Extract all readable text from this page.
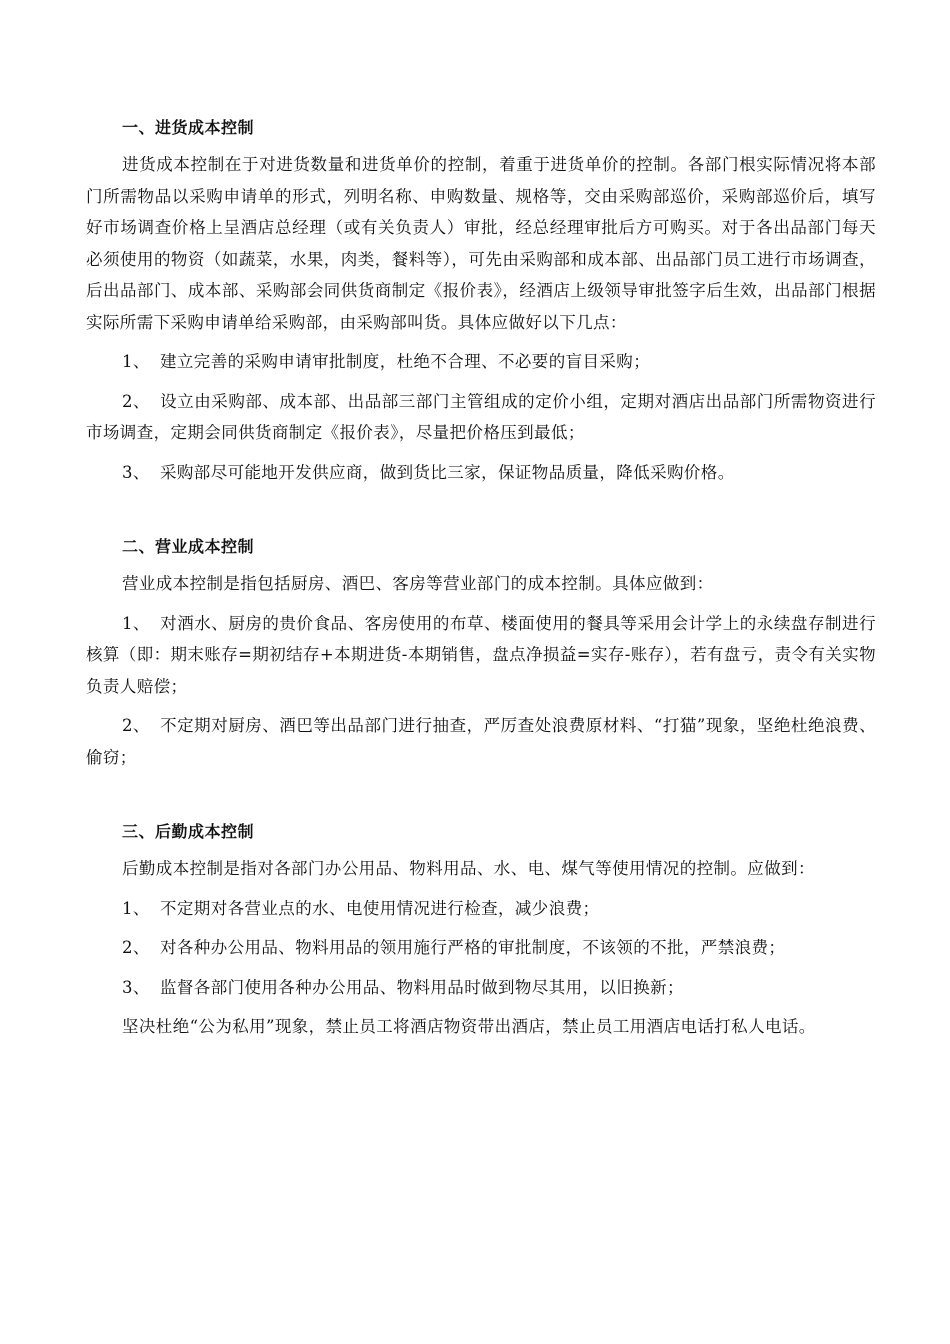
一、进货成本控制

进货成本控制在于对进货数量和进货单价的控制，着重于进货单价的控制。各部门根实际情况将本部门所需物品以采购申请单的形式，列明名称、申购数量、规格等，交由采购部巡价，采购部巡价后，填写好市场调查价格上呈酒店总经理（或有关负责人）审批，经总经理审批后方可购买。对于各出品部门每天必须使用的物资（如蔬菜，水果，肉类，餐料等），可先由采购部和成本部、出品部门员工进行市场调查，后出品部门、成本部、采购部会同供货商制定《报价表》，经酒店上级领导审批签字后生效，出品部门根据实际所需下采购申请单给采购部，由采购部叫货。具体应做好以下几点：

1、 建立完善的采购申请审批制度，杜绝不合理、不必要的盲目采购；

2、 设立由采购部、成本部、出品部三部门主管组成的定价小组，定期对酒店出品部门所需物资进行市场调查，定期会同供货商制定《报价表》，尽量把价格压到最低；

3、 采购部尽可能地开发供应商，做到货比三家，保证物品质量，降低采购价格。

二、营业成本控制

营业成本控制是指包括厨房、酒巴、客房等营业部门的成本控制。具体应做到：

1、 对酒水、厨房的贵价食品、客房使用的布草、楼面使用的餐具等采用会计学上的永续盘存制进行核算（即：期末账存=期初结存+本期进货-本期销售，盘点净损益=实存-账存），若有盘亏，责令有关实物负责人赔偿；

2、 不定期对厨房、酒巴等出品部门进行抽查，严厉查处浪费原材料、“打猫”现象，坚绝杜绝浪费、偷窃；

三、后勤成本控制

后勤成本控制是指对各部门办公用品、物料用品、水、电、煤气等使用情况的控制。应做到：

1、 不定期对各营业点的水、电使用情况进行检查，减少浪费；

2、 对各种办公用品、物料用品的领用施行严格的审批制度，不该领的不批，严禁浪费；

3、 监督各部门使用各种办公用品、物料用品时做到物尽其用，以旧换新；

坚决杜绝“公为私用”现象，禁止员工将酒店物资带出酒店，禁止员工用酒店电话打私人电话。
